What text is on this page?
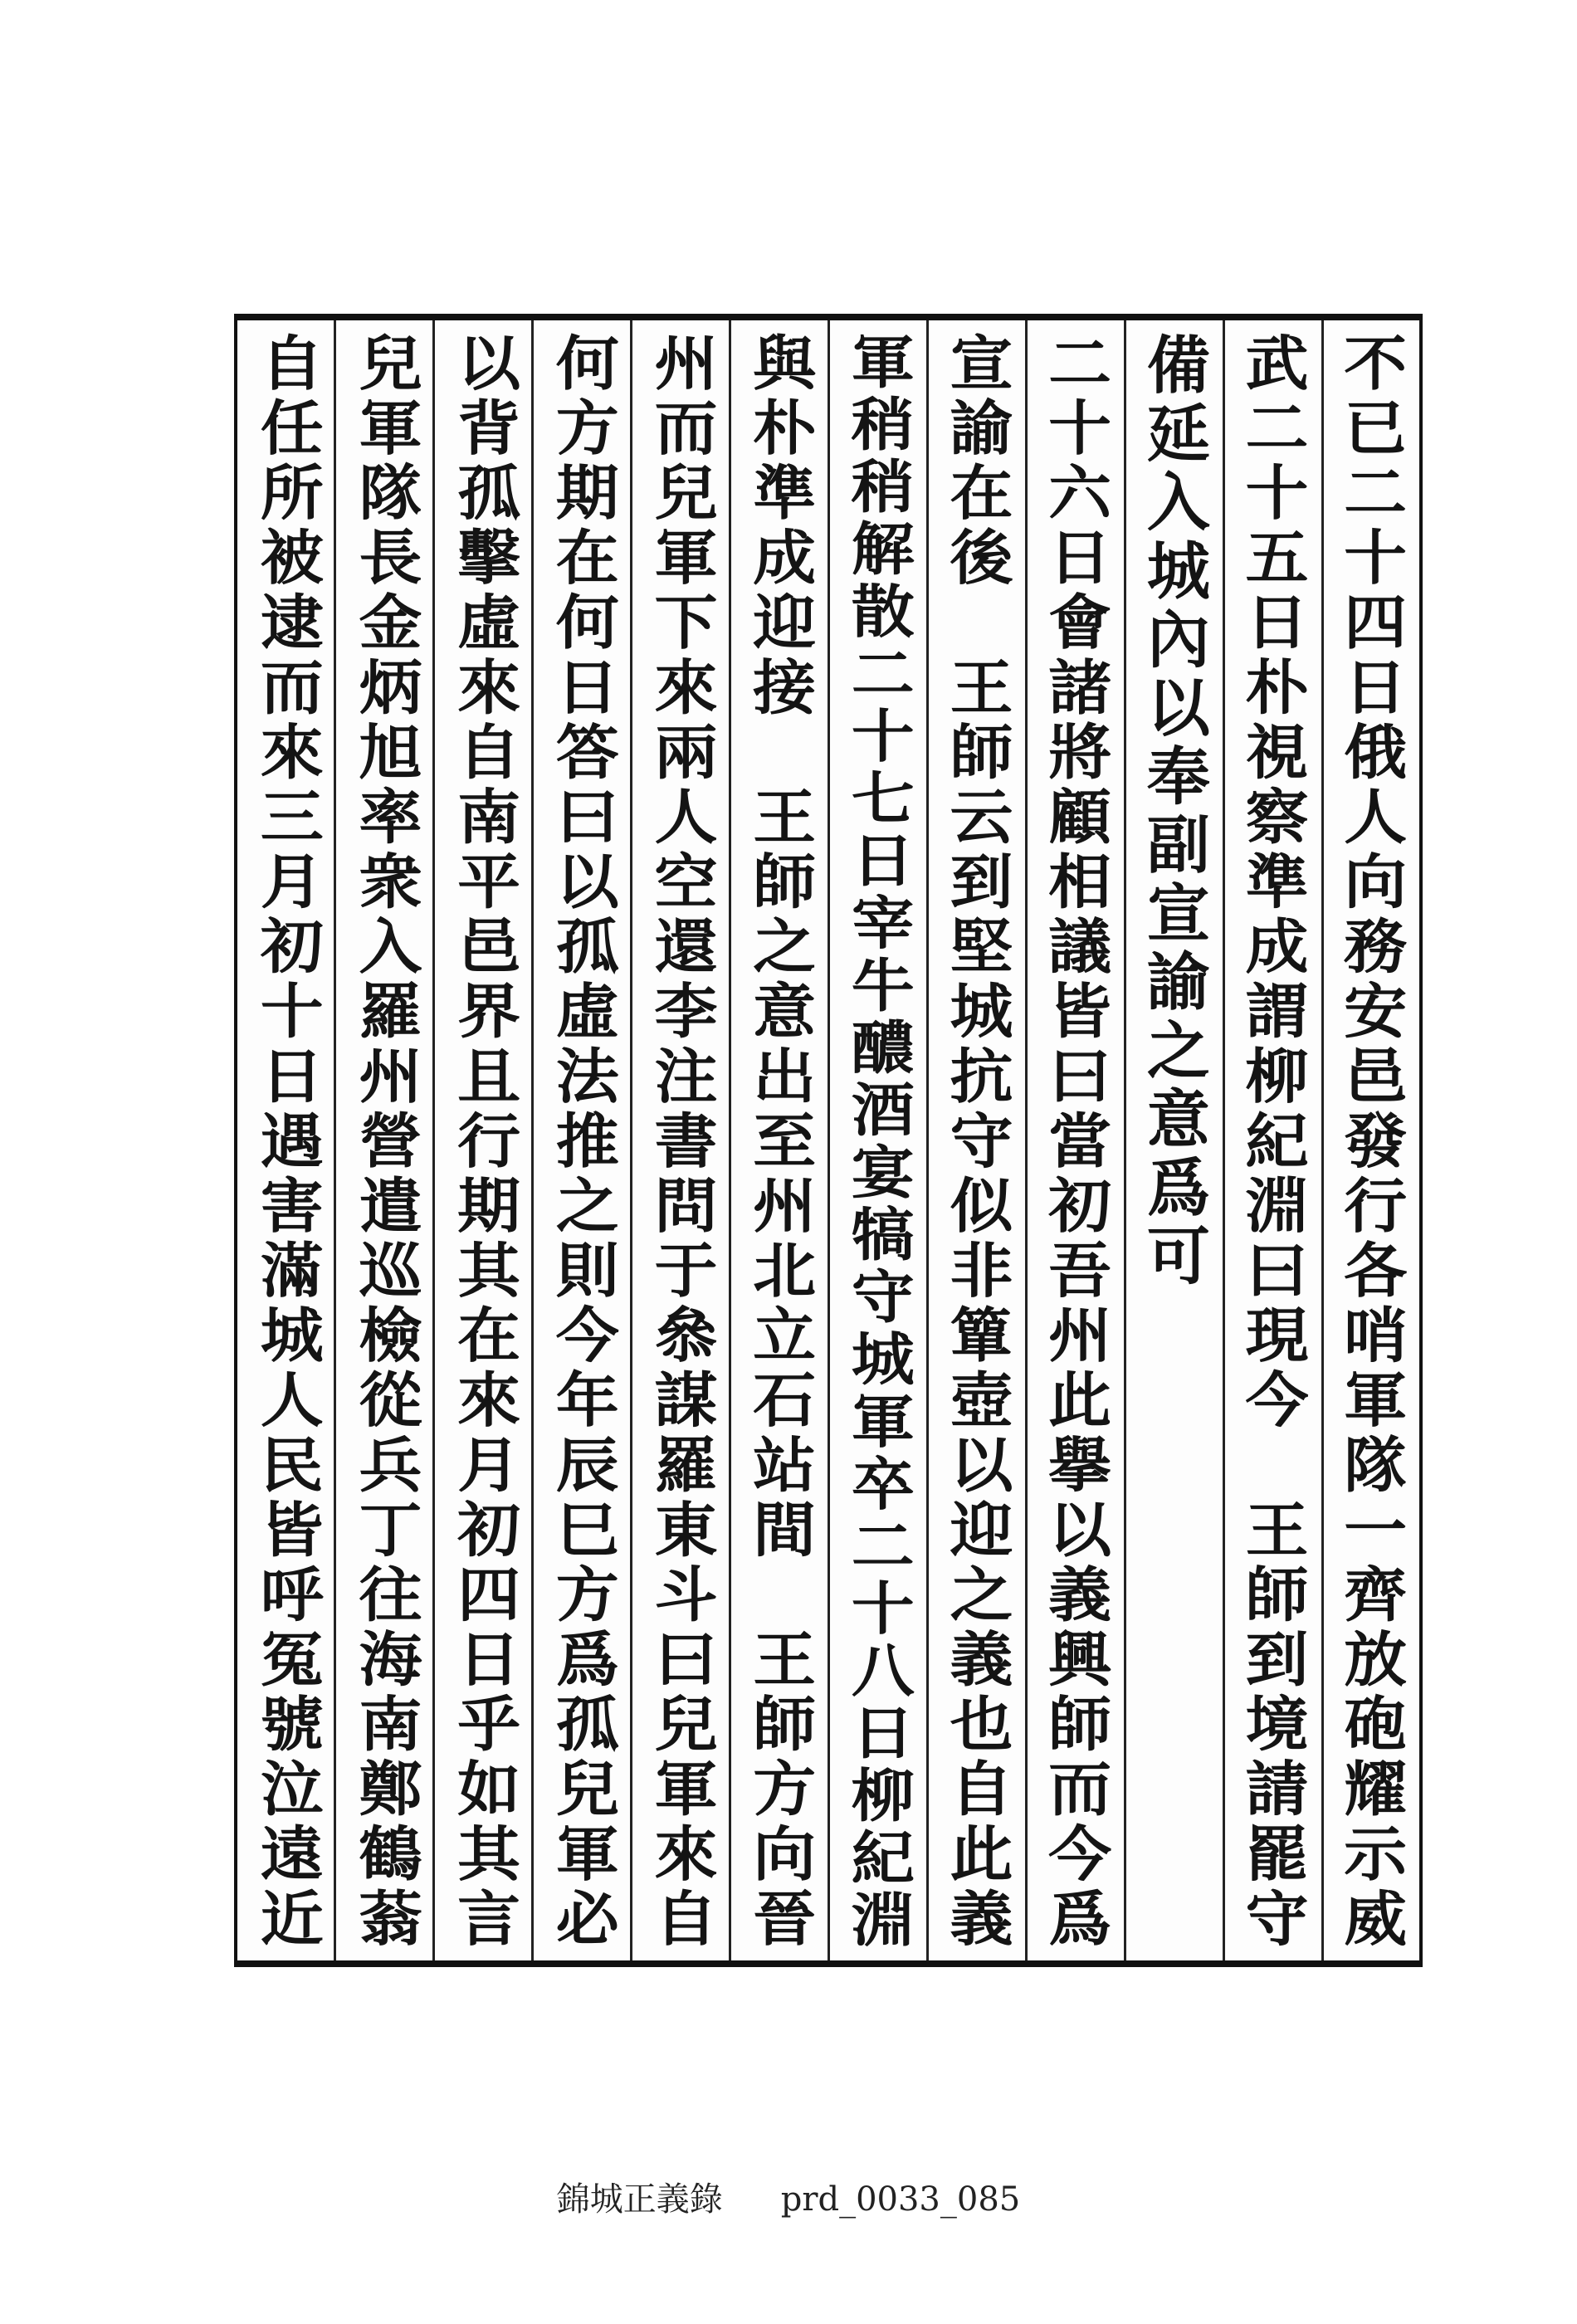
不已二十四日俄人向務安邑發行各哨軍隊一齊放砲耀示威
武二十五日朴視察準成謂柳紀淵曰現今　王師到境請罷守
備延入城內以奉副宣諭之意爲可
二十六日會諸將顧相議皆曰當初吾州此擧以義興師而今爲
宣諭在後　王師云到堅城抗守似非簞壺以迎之義也自此義
軍稍稍解散二十七日宰牛醲酒宴犒守城軍卒二十八日柳紀淵
與朴準成迎接　王師之意出至州北立石站間　王師方向晉
州而兒軍下來兩人空還李注書問于叅謀羅東斗曰兒軍來自
何方期在何日答曰以孤虛法推之則今年辰巳方爲孤兒軍必
以背孤擊虛來自南平邑界且行期其在來月初四日乎如其言
兒軍隊長金炳旭率衆入羅州營遣巡檢從兵丁往海南鄭鶴蓊
自任所被逮而來三月初十日遇害滿城人民皆呼冤號泣遠近
錦城正義錄 prd_0033_085
